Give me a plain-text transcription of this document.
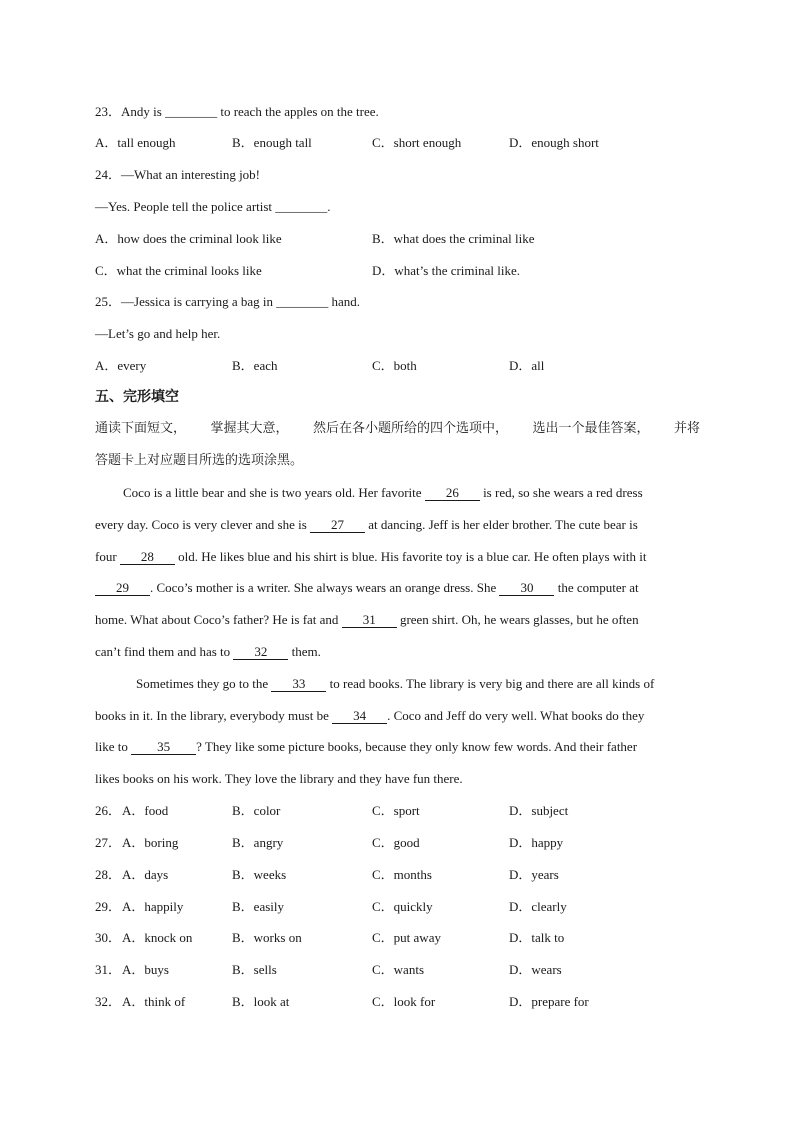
23．Andy is ________ to reach the apples on the tree.
A．tall enough	B．enough tall	C．short enough	D．enough short
24．—What an interesting job!
—Yes. People tell the police artist ________.
A．how does the criminal look like	B．what does the criminal like
C．what the criminal looks like	D．what’s the criminal like.
25．—Jessica is carrying a bag in ________ hand.
—Let’s go and help her.
A．every	B．each	C．both	D．all
五、完形填空
通读下面短文， 掌握其大意， 然后在各小题所给的四个选项中， 选出一个最佳答案， 并将
答题卡上对应题目所选的选项涂黑。
Coco is a little bear and she is two years old. Her favorite 26 is red, so she wears a red dress
every day. Coco is very clever and she is 27 at dancing. Jeff is her elder brother. The cute bear is
four 28 old. He likes blue and his shirt is blue. His favorite toy is a blue car. He often plays with it
29 . Coco’s mother is a writer. She always wears an orange dress. She 30 the computer at
home. What about Coco’s father? He is fat and 31 green shirt. Oh, he wears glasses, but he often
can’t find them and has to 32 them.
Sometimes they go to the 33 to read books. The library is very big and there are all kinds of
books in it. In the library, everybody must be 34 . Coco and Jeff do very well. What books do they
like to 35 ? They like some picture books, because they only know few words. And their father
likes books on his work. They love the library and they have fun there.
26． A．food	B．color	C．sport	D．subject
27． A．boring	B．angry	C．good	D．happy
28． A．days	B．weeks	C．months	D．years
29． A．happily	B．easily	C．quickly	D．clearly
30． A．knock on	B．works on	C．put away	D．talk to
31． A．buys	B．sells	C．wants	D．wears
32． A．think of	B．look at	C．look for	D．prepare for
